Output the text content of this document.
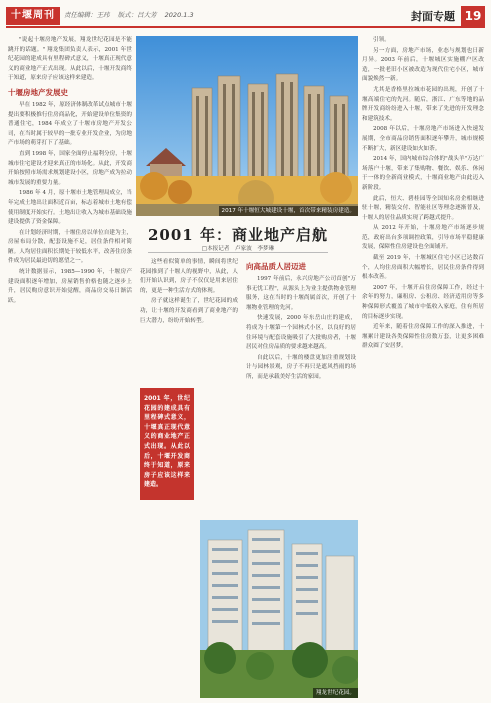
十堰周刊	责任编辑：王玮 版式：吕大芳 2020.1.3	封面专题 19

"说起十堰房地产发展，翔龙世纪花园是不能跳开的话题。" 翔龙集团负责人表示，2001 年世纪花园的建成具有里程碑式意义，十堰真正现代意义的商业地产正式出现。从此以后，十堰开发商终于知道，原来房子应该这样来建造。

十堰房地产发展史

早在 1982 年，原经济体制改革试点城市十堰提出要积极推行住房商品化，开始建设单位集资的普通住宅，1984 年成立了十堰市房地产开发公司，在当时属于较早的一批专业开发企业，为房地产市场的萌芽打下了基础。

直到 1998 年，国家全面停止福利分房，十堰城市住宅建设才迎来真正的市场化。从此，开发商开始按照市场需求规划建设小区，房地产成为拉动城市发展的重要力量。

1986 年 4 月，原十堰市土地管理局成立，当年完成土地出让面积近百亩，标志着城市土地有偿使用制度开始实行。土地出让收入为城市基础设施建设提供了资金保障。

在计划经济时期，十堰住房以单位自建为主，房屋布局分散，配套设施不足，居住条件相对简陋。人均居住面积长期处于较低水平，改善住房条件成为居民最迫切的愿望之一。

统计数据显示，1985—1990 年，十堰房产建设面积逐年增加，房屋销售价格也随之逐步上升，居民购房意识开始觉醒，商品房交易日渐活跃。

2017 年十堰恒大城建设十堰，首次带来精装房建造。

引领。

另一方面，房地产市场，业态与规划也日新月异。2003 年前后，十堰城区实施棚户区改造，一批老旧小区被改造为现代住宅小区，城市面貌焕然一新。

尤其是香格里拉城市花园的出现，开创了十堰高端住宅的先河。随后，浙江、广东等地的品牌开发商纷纷进入十堰，带来了先进的开发理念和建筑技术。

2008 年以后，十堰房地产市场进入快速发展期，全市商品房销售面积逐年攀升，城市规模不断扩大，新区建设如火如荼。

2014 年，国内城市综合体的"战头羊"万达广场落户十堰，带来了集购物、餐饮、娱乐、休闲于一体的全新商业模式，十堰商业地产由此迈入新阶段。

此后，恒大、碧桂园等全国知名房企相继进驻十堰，精装交付、智能社区等理念逐渐普及，十堰人的居住品质实现了跨越式提升。

从 2012 年开始，十堰房地产市场逐步规范，政府出台多项调控政策，引导市场平稳健康发展，保障性住房建设也全面铺开。

截至 2019 年，十堰城区住宅小区已达数百个，人均住房面积大幅增长，居民住房条件得到根本改善。

2007 年，十堰开启住房保障工作，经过十余年的努力，廉租房、公租房、经济适用房等多种保障形式覆盖了城市中低收入家庭，住有所居的目标逐步实现。

近年来，随着住房保障工作的深入推进，十堰累计建设各类保障性住房数万套，让更多困难群众圆了安居梦。

2001 年：商业地产启航
□本报记者　卢家波　李梦琳

这些看似简单的事情，瞬间将世纪花园推到了十堰人的视野中，从此，人们开始认识到，房子不仅仅是用来居住的，更是一种生活方式的体现。

房子就这样诞生了，世纪花园的成功，让十堰的开发商看到了商业地产的巨大潜力，纷纷开始转型。

2001 年，世纪花园的建成具有里程碑式意义，十堰真正现代意义的商业地产正式出现。从此以后，十堰开发商终于知道，原来房子应该这样来建造。
向高品质人居迈进

1997 年前后，永兴房地产公司首创"万事无忧工程"，从源头上为业主提供物业管理服务，这在当时的十堰尚属首次，开创了十堰物业管理的先河。

快速发展，2000 年东岳山庄的建成，将成为十堰第一个园林式小区，以良好的居住环境与配套设施吸引了大批购房者，十堰居民对住房品质的要求越来越高。

自此以后，十堰的楼盘更加注重规划设计与园林景观，房子不再只是遮风挡雨的场所，而是承载美好生活的家园。

翔龙世纪花园。
